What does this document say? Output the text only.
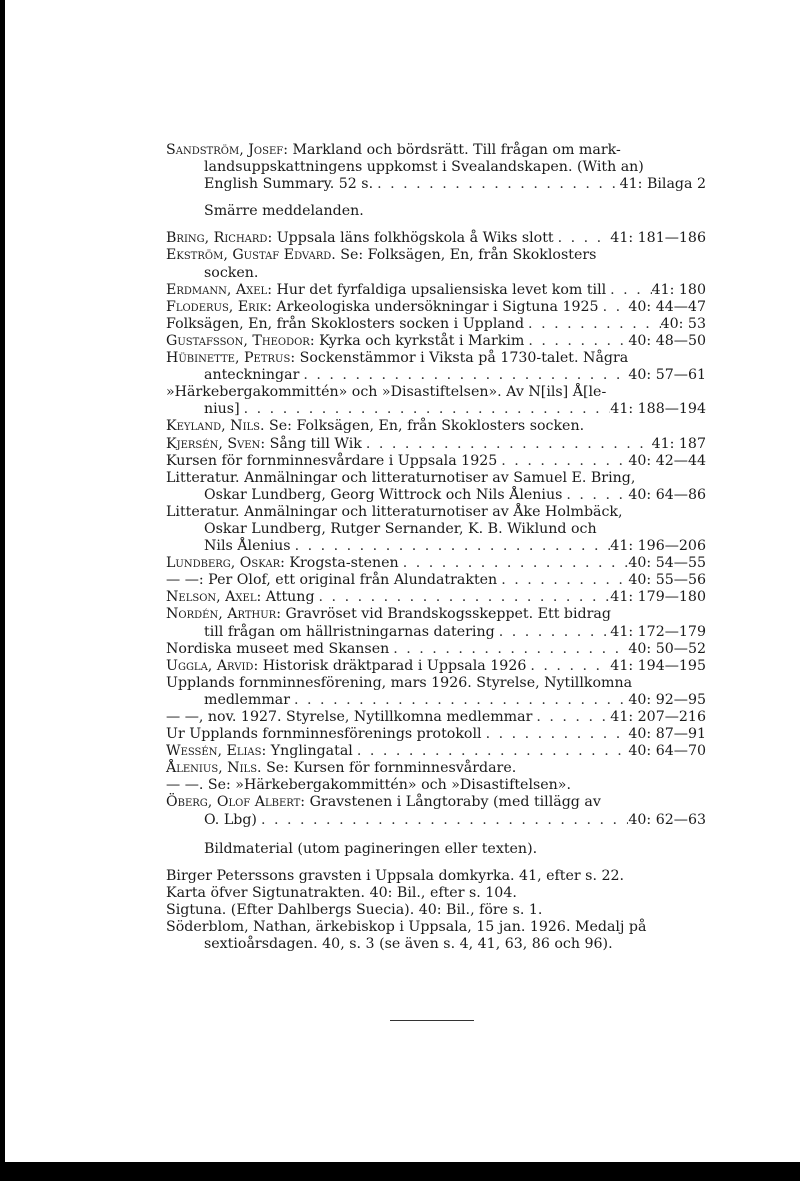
Sandström, Josef: Markland och bördsrätt. Till frågan om mark-
landsuppskattningens uppkomst i Svealandskapen. (With an)
English Summary. 52 s. . . .	41: Bilaga 2
Smärre meddelanden.
Bring, Richard : Uppsala läns folkhögskola å Wiks slott . . .	41: 181—186
Ekström, Gustaf Edvard. Se: Folksägen, En, från Skoklosters
socken.
Erdmann, Axel : Hur det fyrfaldiga upsaliensiska levet kom till . . .	41: 180
Floderus, Erik : Arkeologiska undersökningar i Sigtuna 1925 . . . 40: 44—47
Folksägen, En, från Skoklosters socken i Uppland . . .	40: 53
Gustafsson, Theodor : Kyrka och kyrkståt i Markim . . .	40: 48—50
Hübinette, Petrus: Sockenstämmor i Viksta på 1730-talet. Några
anteckningar . . .	40: 57—61
»Härkebergakommittén» och »Disastiftelsen». Av N[ils] Å[le-
nius] . . .	41: 188—194
Keyland, Nils. Se: Folksägen, En, från Skoklosters socken.
Kjersén, Sven : Sång till Wik . . .	41: 187
Kursen för fornminnesvårdare i Uppsala 1925 . . .	40: 42—44
Litteratur. Anmälningar och litteraturnotiser av Samuel E. Bring,
Oskar Lundberg, Georg Wittrock och Nils Ålenius . . .	40: 64—86
Litteratur. Anmälningar och litteraturnotiser av Åke Holmbäck,
Oskar Lundberg, Rutger Sernander, K. B. Wiklund och
Nils Ålenius . . .	41: 196—206
Lundberg, Oskar : Krogsta-stenen . . .	40: 54—55
— —: Per Olof, ett original från Alundatrakten . . .	40: 55—56
Nelson, Axel : Attung . . .	41: 179—180
Nordén, Arthur: Gravröset vid Brandskogsskeppet. Ett bidrag
till frågan om hällristningarnas datering . . .	41: 172—179
Nordiska museet med Skansen . . .	40: 50—52
Uggla, Arvid : Historisk dräktparad i Uppsala 1926 . . .	41: 194—195
Upplands fornminnesförening, mars 1926. Styrelse, Nytillkomna
medlemmar . . .	40: 92—95
— —, nov. 1927. Styrelse, Nytillkomna medlemmar . . .	41: 207—216
Ur Upplands fornminnesförenings protokoll . . .	40: 87—91
Wessén, Elias : Ynglingatal . . .	40: 64—70
Ålenius, Nils. Se: Kursen för fornminnesvårdare.
— —. Se: »Härkebergakommittén» och »Disastiftelsen».
Öberg, Olof Albert: Gravstenen i Långtoraby (med tillägg av
O. Lbg) . . .	40: 62—63
Bildmaterial (utom pagineringen eller texten).
Birger Peterssons gravsten i Uppsala domkyrka. 41, efter s. 22.
Karta öfver Sigtunatrakten. 40: Bil., efter s. 104.
Sigtuna. (Efter Dahlbergs Suecia). 40: Bil., före s. 1.
Söderblom, Nathan, ärkebiskop i Uppsala, 15 jan. 1926. Medalj på
sextioårsdagen. 40, s. 3 (se även s. 4, 41, 63, 86 och 96).
